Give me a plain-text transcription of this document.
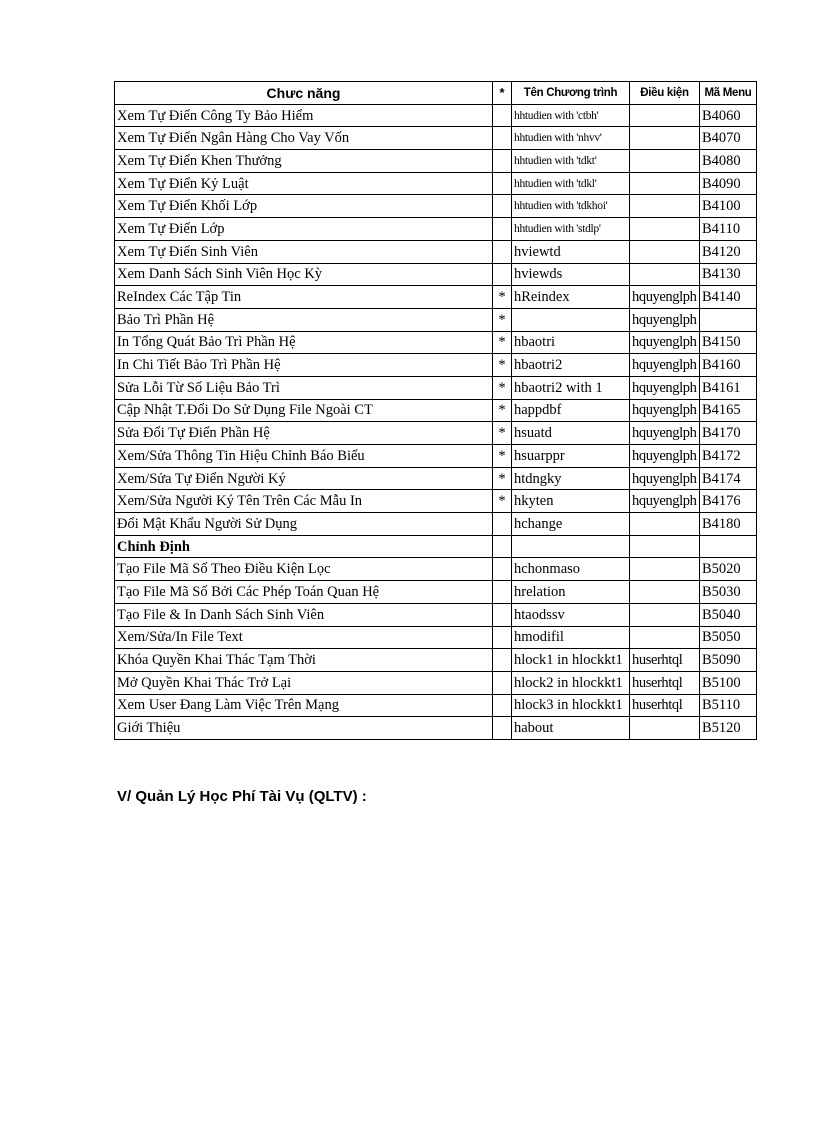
Chưc năng	*	Tên Chương trình	Điều kiện	Mã Menu
Xem Tự Điển Công Ty Bảo Hiểm		hhtudien with 'ctbh'		B4060
Xem Tự Điển Ngân Hàng Cho Vay Vốn		hhtudien with 'nhvv'		B4070
Xem Tự Điển Khen Thưởng		hhtudien with 'tdkt'		B4080
Xem Tự Điển Kỷ Luật		hhtudien with 'tdkl'		B4090
Xem Tự Điển Khối Lớp		hhtudien with 'tdkhoi'		B4100
Xem Tự Điển Lớp		hhtudien with 'stdlp'		B4110
Xem Tự Điển Sinh Viên		hviewtd		B4120
Xem Danh Sách Sinh Viên Học Kỳ		hviewds		B4130
ReIndex Các Tập Tin	*	hReindex	hquyenglph	B4140
Bảo Trì Phần Hệ	*		hquyenglph	
In Tổng Quát Bảo Trì Phần Hệ	*	hbaotri	hquyenglph	B4150
In Chi Tiết Bảo Trì Phần Hệ	*	hbaotri2	hquyenglph	B4160
Sửa Lỗi Từ Số Liệu Bảo Trì	*	hbaotri2 with 1	hquyenglph	B4161
Cập Nhật T.Đổi Do Sử Dụng File Ngoài CT	*	happdbf	hquyenglph	B4165
Sửa Đổi Tự Điển Phần Hệ	*	hsuatd	hquyenglph	B4170
Xem/Sửa Thông Tin Hiệu Chỉnh Báo Biểu	*	hsuarppr	hquyenglph	B4172
Xem/Sửa Tự Điển Người Ký	*	htdngky	hquyenglph	B4174
Xem/Sửa Người Ký Tên Trên Các Mẫu In	*	hkyten	hquyenglph	B4176
Đổi Mật Khẩu Người Sử Dụng		hchange		B4180
Chỉnh Định				
Tạo File Mã Số Theo Điều Kiện Lọc		hchonmaso		B5020
Tạo File Mã Số Bởi Các Phép Toán Quan Hệ		hrelation		B5030
Tạo File & In Danh Sách Sinh Viên		htaodssv		B5040
Xem/Sửa/In File Text		hmodifil		B5050
Khóa Quyền Khai Thác Tạm Thời		hlock1 in hlockkt1	huserhtql	B5090
Mở Quyền Khai Thác Trở Lại		hlock2 in hlockkt1	huserhtql	B5100
Xem User Đang Làm Việc Trên Mạng		hlock3 in hlockkt1	huserhtql	B5110
Giới Thiệu		habout		B5120
V/ Quản Lý Học Phí Tài Vụ (QLTV) :
